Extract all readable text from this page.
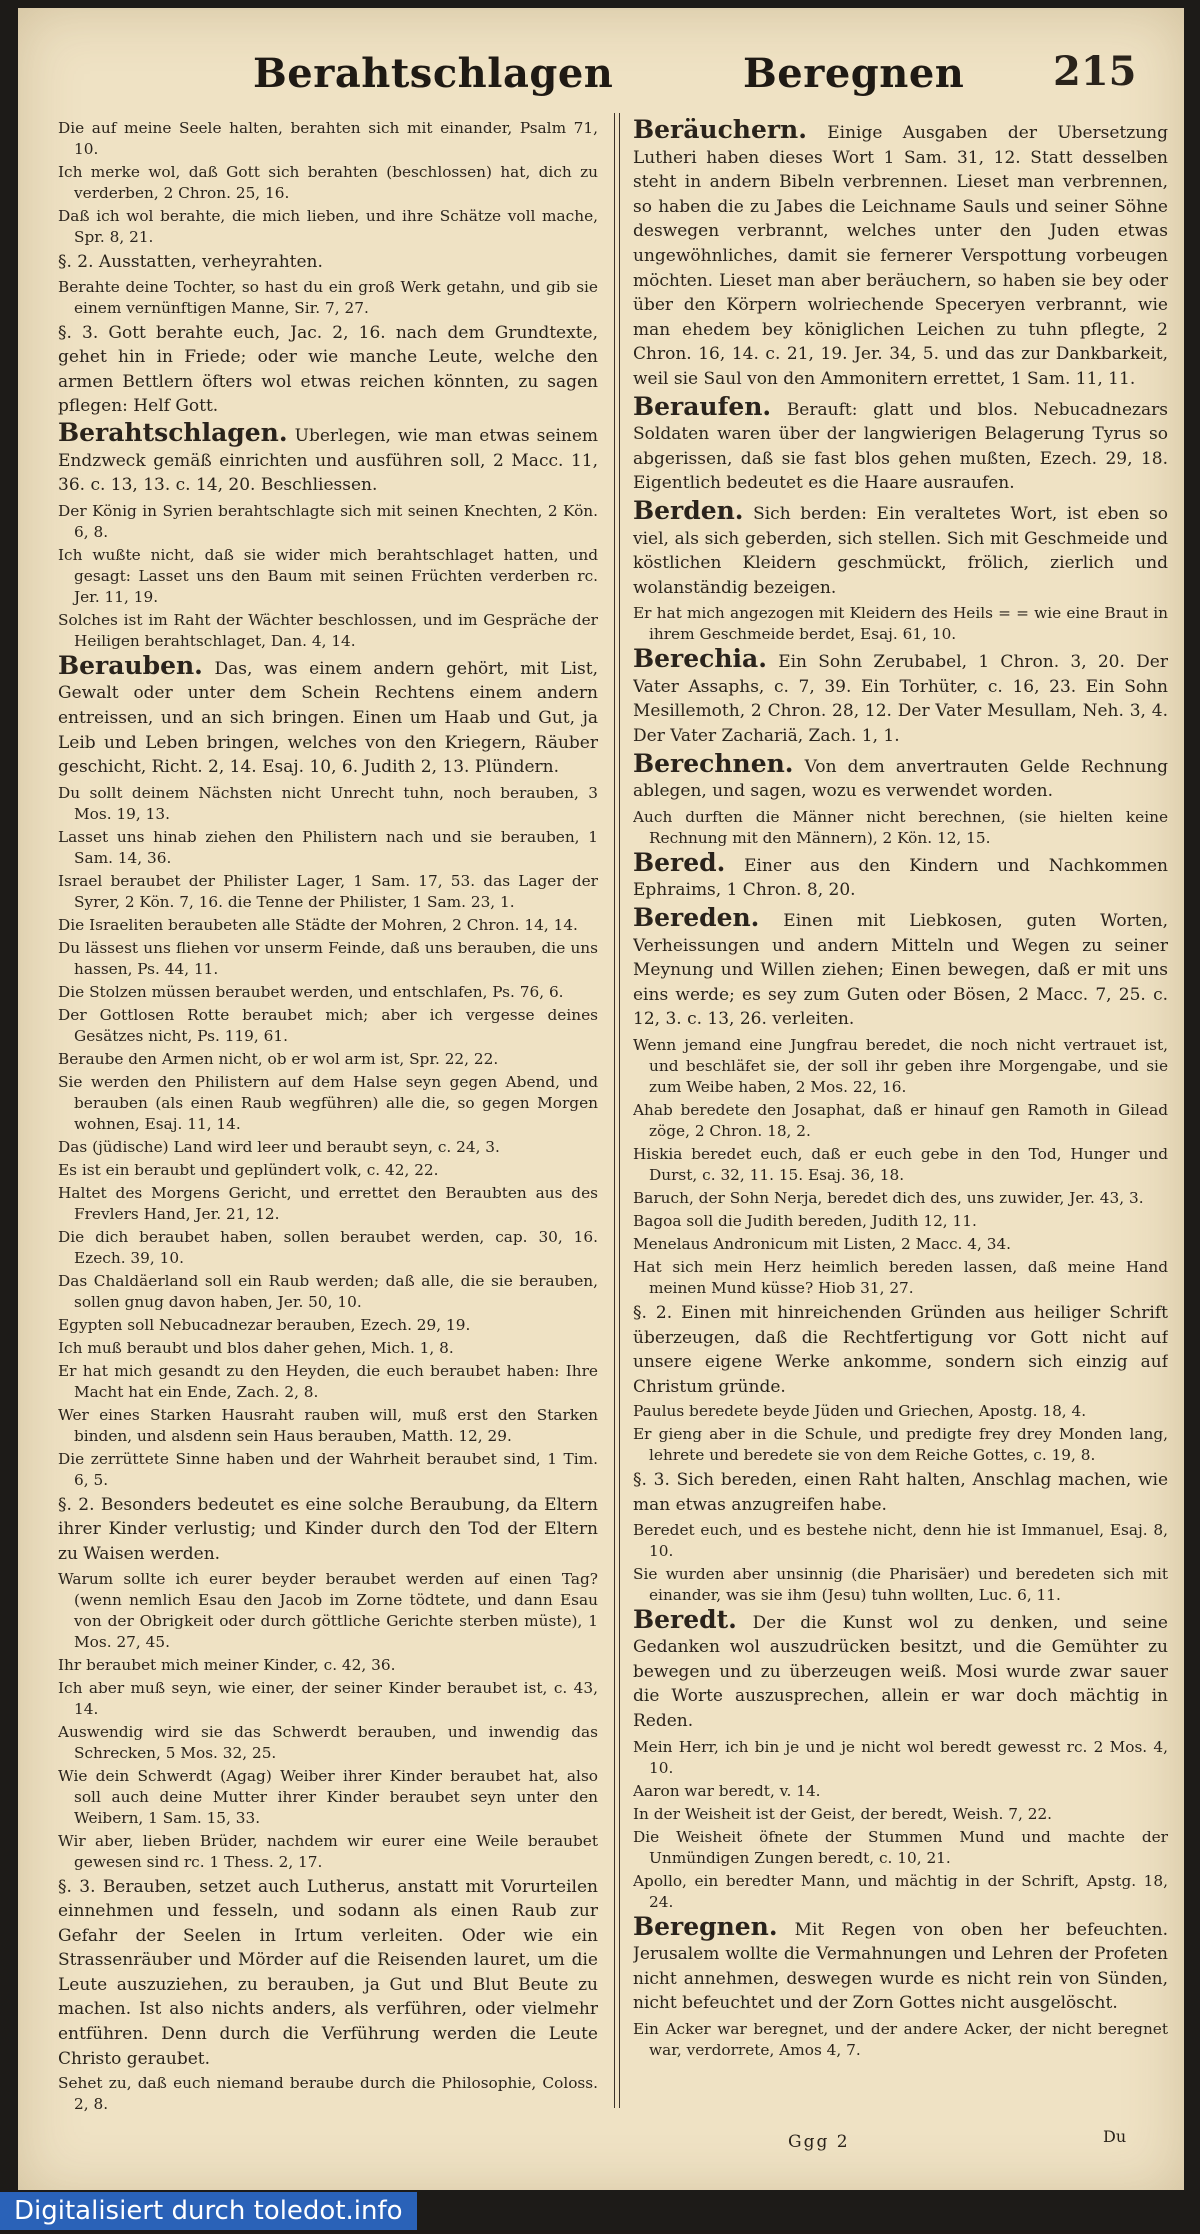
Berahtschlagen	Beregnen 215
Die auf meine Seele halten, berahten sich mit einander, Psalm 71, 10.
Ich merke wol, daß Gott sich berahten (beschlossen) hat, dich zu verderben, 2 Chron. 25, 16.
Daß ich wol berahte, die mich lieben, und ihre Schätze voll mache, Spr. 8, 21.
§. 2. Ausstatten, verheyrahten.
Berahte deine Tochter, so hast du ein groß Werk getahn, und gib sie einem vernünftigen Manne, Sir. 7, 27.
§. 3. Gott berahte euch, Jac. 2, 16. nach dem Grundtexte, gehet hin in Friede; oder wie manche Leute, welche den armen Bettlern öfters wol etwas reichen könnten, zu sagen pflegen: Helf Gott.
Berahtschlagen. Uberlegen, wie man etwas seinem Endzweck gemäß einrichten und ausführen soll, 2 Macc. 11, 36. c. 13, 13. c. 14, 20. Beschliessen.
Der König in Syrien berahtschlagte sich mit seinen Knechten, 2 Kön. 6, 8.
Ich wußte nicht, daß sie wider mich berahtschlaget hatten, und gesagt: Lasset uns den Baum mit seinen Früchten verderben rc. Jer. 11, 19.
Solches ist im Raht der Wächter beschlossen, und im Gespräche der Heiligen berahtschlaget, Dan. 4, 14.
Berauben. Das, was einem andern gehört, mit List, Gewalt oder unter dem Schein Rechtens einem andern entreissen, und an sich bringen. Einen um Haab und Gut, ja Leib und Leben bringen, welches von den Kriegern, Räuber geschicht, Richt. 2, 14. Esaj. 10, 6. Judith 2, 13. Plündern.
Du sollt deinem Nächsten nicht Unrecht tuhn, noch berauben, 3 Mos. 19, 13.
Lasset uns hinab ziehen den Philistern nach und sie berauben, 1 Sam. 14, 36.
Israel beraubet der Philister Lager, 1 Sam. 17, 53. das Lager der Syrer, 2 Kön. 7, 16. die Tenne der Philister, 1 Sam. 23, 1.
Die Israeliten beraubeten alle Städte der Mohren, 2 Chron. 14, 14.
Du lässest uns fliehen vor unserm Feinde, daß uns berauben, die uns hassen, Ps. 44, 11.
Die Stolzen müssen beraubet werden, und entschlafen, Ps. 76, 6.
Der Gottlosen Rotte beraubet mich; aber ich vergesse deines Gesätzes nicht, Ps. 119, 61.
Beraube den Armen nicht, ob er wol arm ist, Spr. 22, 22.
Sie werden den Philistern auf dem Halse seyn gegen Abend, und berauben (als einen Raub wegführen) alle die, so gegen Morgen wohnen, Esaj. 11, 14.
Das (jüdische) Land wird leer und beraubt seyn, c. 24, 3.
Es ist ein beraubt und geplündert volk, c. 42, 22.
Haltet des Morgens Gericht, und errettet den Beraubten aus des Frevlers Hand, Jer. 21, 12.
Die dich beraubet haben, sollen beraubet werden, cap. 30, 16. Ezech. 39, 10.
Das Chaldäerland soll ein Raub werden; daß alle, die sie berauben, sollen gnug davon haben, Jer. 50, 10.
Egypten soll Nebucadnezar berauben, Ezech. 29, 19.
Ich muß beraubt und blos daher gehen, Mich. 1, 8.
Er hat mich gesandt zu den Heyden, die euch beraubet haben: Ihre Macht hat ein Ende, Zach. 2, 8.
Wer eines Starken Hausraht rauben will, muß erst den Starken binden, und alsdenn sein Haus berauben, Matth. 12, 29.
Die zerrüttete Sinne haben und der Wahrheit beraubet sind, 1 Tim. 6, 5.
§. 2. Besonders bedeutet es eine solche Beraubung, da Eltern ihrer Kinder verlustig; und Kinder durch den Tod der Eltern zu Waisen werden.
Warum sollte ich eurer beyder beraubet werden auf einen Tag? (wenn nemlich Esau den Jacob im Zorne tödtete, und dann Esau von der Obrigkeit oder durch göttliche Gerichte sterben müste), 1 Mos. 27, 45.
Ihr beraubet mich meiner Kinder, c. 42, 36.
Ich aber muß seyn, wie einer, der seiner Kinder beraubet ist, c. 43, 14.
Auswendig wird sie das Schwerdt berauben, und inwendig das Schrecken, 5 Mos. 32, 25.
Wie dein Schwerdt (Agag) Weiber ihrer Kinder beraubet hat, also soll auch deine Mutter ihrer Kinder beraubet seyn unter den Weibern, 1 Sam. 15, 33.
Wir aber, lieben Brüder, nachdem wir eurer eine Weile beraubet gewesen sind rc. 1 Thess. 2, 17.
§. 3. Berauben, setzet auch Lutherus, anstatt mit Vorurteilen einnehmen und fesseln, und sodann als einen Raub zur Gefahr der Seelen in Irtum verleiten. Oder wie ein Strassenräuber und Mörder auf die Reisenden lauret, um die Leute auszuziehen, zu berauben, ja Gut und Blut Beute zu machen. Ist also nichts anders, als verführen, oder vielmehr entführen. Denn durch die Verführung werden die Leute Christo geraubet.
Sehet zu, daß euch niemand beraube durch die Philosophie, Coloss. 2, 8.
Beräuchern. Einige Ausgaben der Ubersetzung Lutheri haben dieses Wort 1 Sam. 31, 12. Statt desselben steht in andern Bibeln verbrennen. Lieset man verbrennen, so haben die zu Jabes die Leichname Sauls und seiner Söhne deswegen verbrannt, welches unter den Juden etwas ungewöhnliches, damit sie fernerer Verspottung vorbeugen möchten. Lieset man aber beräuchern, so haben sie bey oder über den Körpern wolriechende Speceryen verbrannt, wie man ehedem bey königlichen Leichen zu tuhn pflegte, 2 Chron. 16, 14. c. 21, 19. Jer. 34, 5. und das zur Dankbarkeit, weil sie Saul von den Ammonitern errettet, 1 Sam. 11, 11.
Beraufen. Berauft: glatt und blos. Nebucadnezars Soldaten waren über der langwierigen Belagerung Tyrus so abgerissen, daß sie fast blos gehen mußten, Ezech. 29, 18. Eigentlich bedeutet es die Haare ausraufen.
Berden. Sich berden: Ein veraltetes Wort, ist eben so viel, als sich geberden, sich stellen. Sich mit Geschmeide und köstlichen Kleidern geschmückt, frölich, zierlich und wolanständig bezeigen.
Er hat mich angezogen mit Kleidern des Heils = = wie eine Braut in ihrem Geschmeide berdet, Esaj. 61, 10.
Berechia. Ein Sohn Zerubabel, 1 Chron. 3, 20. Der Vater Assaphs, c. 7, 39. Ein Torhüter, c. 16, 23. Ein Sohn Mesillemoth, 2 Chron. 28, 12. Der Vater Mesullam, Neh. 3, 4. Der Vater Zachariä, Zach. 1, 1.
Berechnen. Von dem anvertrauten Gelde Rechnung ablegen, und sagen, wozu es verwendet worden.
Auch durften die Männer nicht berechnen, (sie hielten keine Rechnung mit den Männern), 2 Kön. 12, 15.
Bered. Einer aus den Kindern und Nachkommen Ephraims, 1 Chron. 8, 20.
Bereden. Einen mit Liebkosen, guten Worten, Verheissungen und andern Mitteln und Wegen zu seiner Meynung und Willen ziehen; Einen bewegen, daß er mit uns eins werde; es sey zum Guten oder Bösen, 2 Macc. 7, 25. c. 12, 3. c. 13, 26. verleiten.
Wenn jemand eine Jungfrau beredet, die noch nicht vertrauet ist, und beschläfet sie, der soll ihr geben ihre Morgengabe, und sie zum Weibe haben, 2 Mos. 22, 16.
Ahab beredete den Josaphat, daß er hinauf gen Ramoth in Gilead zöge, 2 Chron. 18, 2.
Hiskia beredet euch, daß er euch gebe in den Tod, Hunger und Durst, c. 32, 11. 15. Esaj. 36, 18.
Baruch, der Sohn Nerja, beredet dich des, uns zuwider, Jer. 43, 3.
Bagoa soll die Judith bereden, Judith 12, 11.
Menelaus Andronicum mit Listen, 2 Macc. 4, 34.
Hat sich mein Herz heimlich bereden lassen, daß meine Hand meinen Mund küsse? Hiob 31, 27.
§. 2. Einen mit hinreichenden Gründen aus heiliger Schrift überzeugen, daß die Rechtfertigung vor Gott nicht auf unsere eigene Werke ankomme, sondern sich einzig auf Christum gründe.
Paulus beredete beyde Jüden und Griechen, Apostg. 18, 4.
Er gieng aber in die Schule, und predigte frey drey Monden lang, lehrete und beredete sie von dem Reiche Gottes, c. 19, 8.
§. 3. Sich bereden, einen Raht halten, Anschlag machen, wie man etwas anzugreifen habe.
Beredet euch, und es bestehe nicht, denn hie ist Immanuel, Esaj. 8, 10.
Sie wurden aber unsinnig (die Pharisäer) und beredeten sich mit einander, was sie ihm (Jesu) tuhn wollten, Luc. 6, 11.
Beredt. Der die Kunst wol zu denken, und seine Gedanken wol auszudrücken besitzt, und die Gemühter zu bewegen und zu überzeugen weiß. Mosi wurde zwar sauer die Worte auszusprechen, allein er war doch mächtig in Reden.
Mein Herr, ich bin je und je nicht wol beredt gewesst rc. 2 Mos. 4, 10.
Aaron war beredt, v. 14.
In der Weisheit ist der Geist, der beredt, Weish. 7, 22.
Die Weisheit öfnete der Stummen Mund und machte der Unmündigen Zungen beredt, c. 10, 21.
Apollo, ein beredter Mann, und mächtig in der Schrift, Apstg. 18, 24.
Beregnen. Mit Regen von oben her befeuchten. Jerusalem wollte die Vermahnungen und Lehren der Profeten nicht annehmen, deswegen wurde es nicht rein von Sünden, nicht befeuchtet und der Zorn Gottes nicht ausgelöscht.
Ein Acker war beregnet, und der andere Acker, der nicht beregnet war, verdorrete, Amos 4, 7.
Ggg 2	Du
Digitalisiert durch toledot.info
